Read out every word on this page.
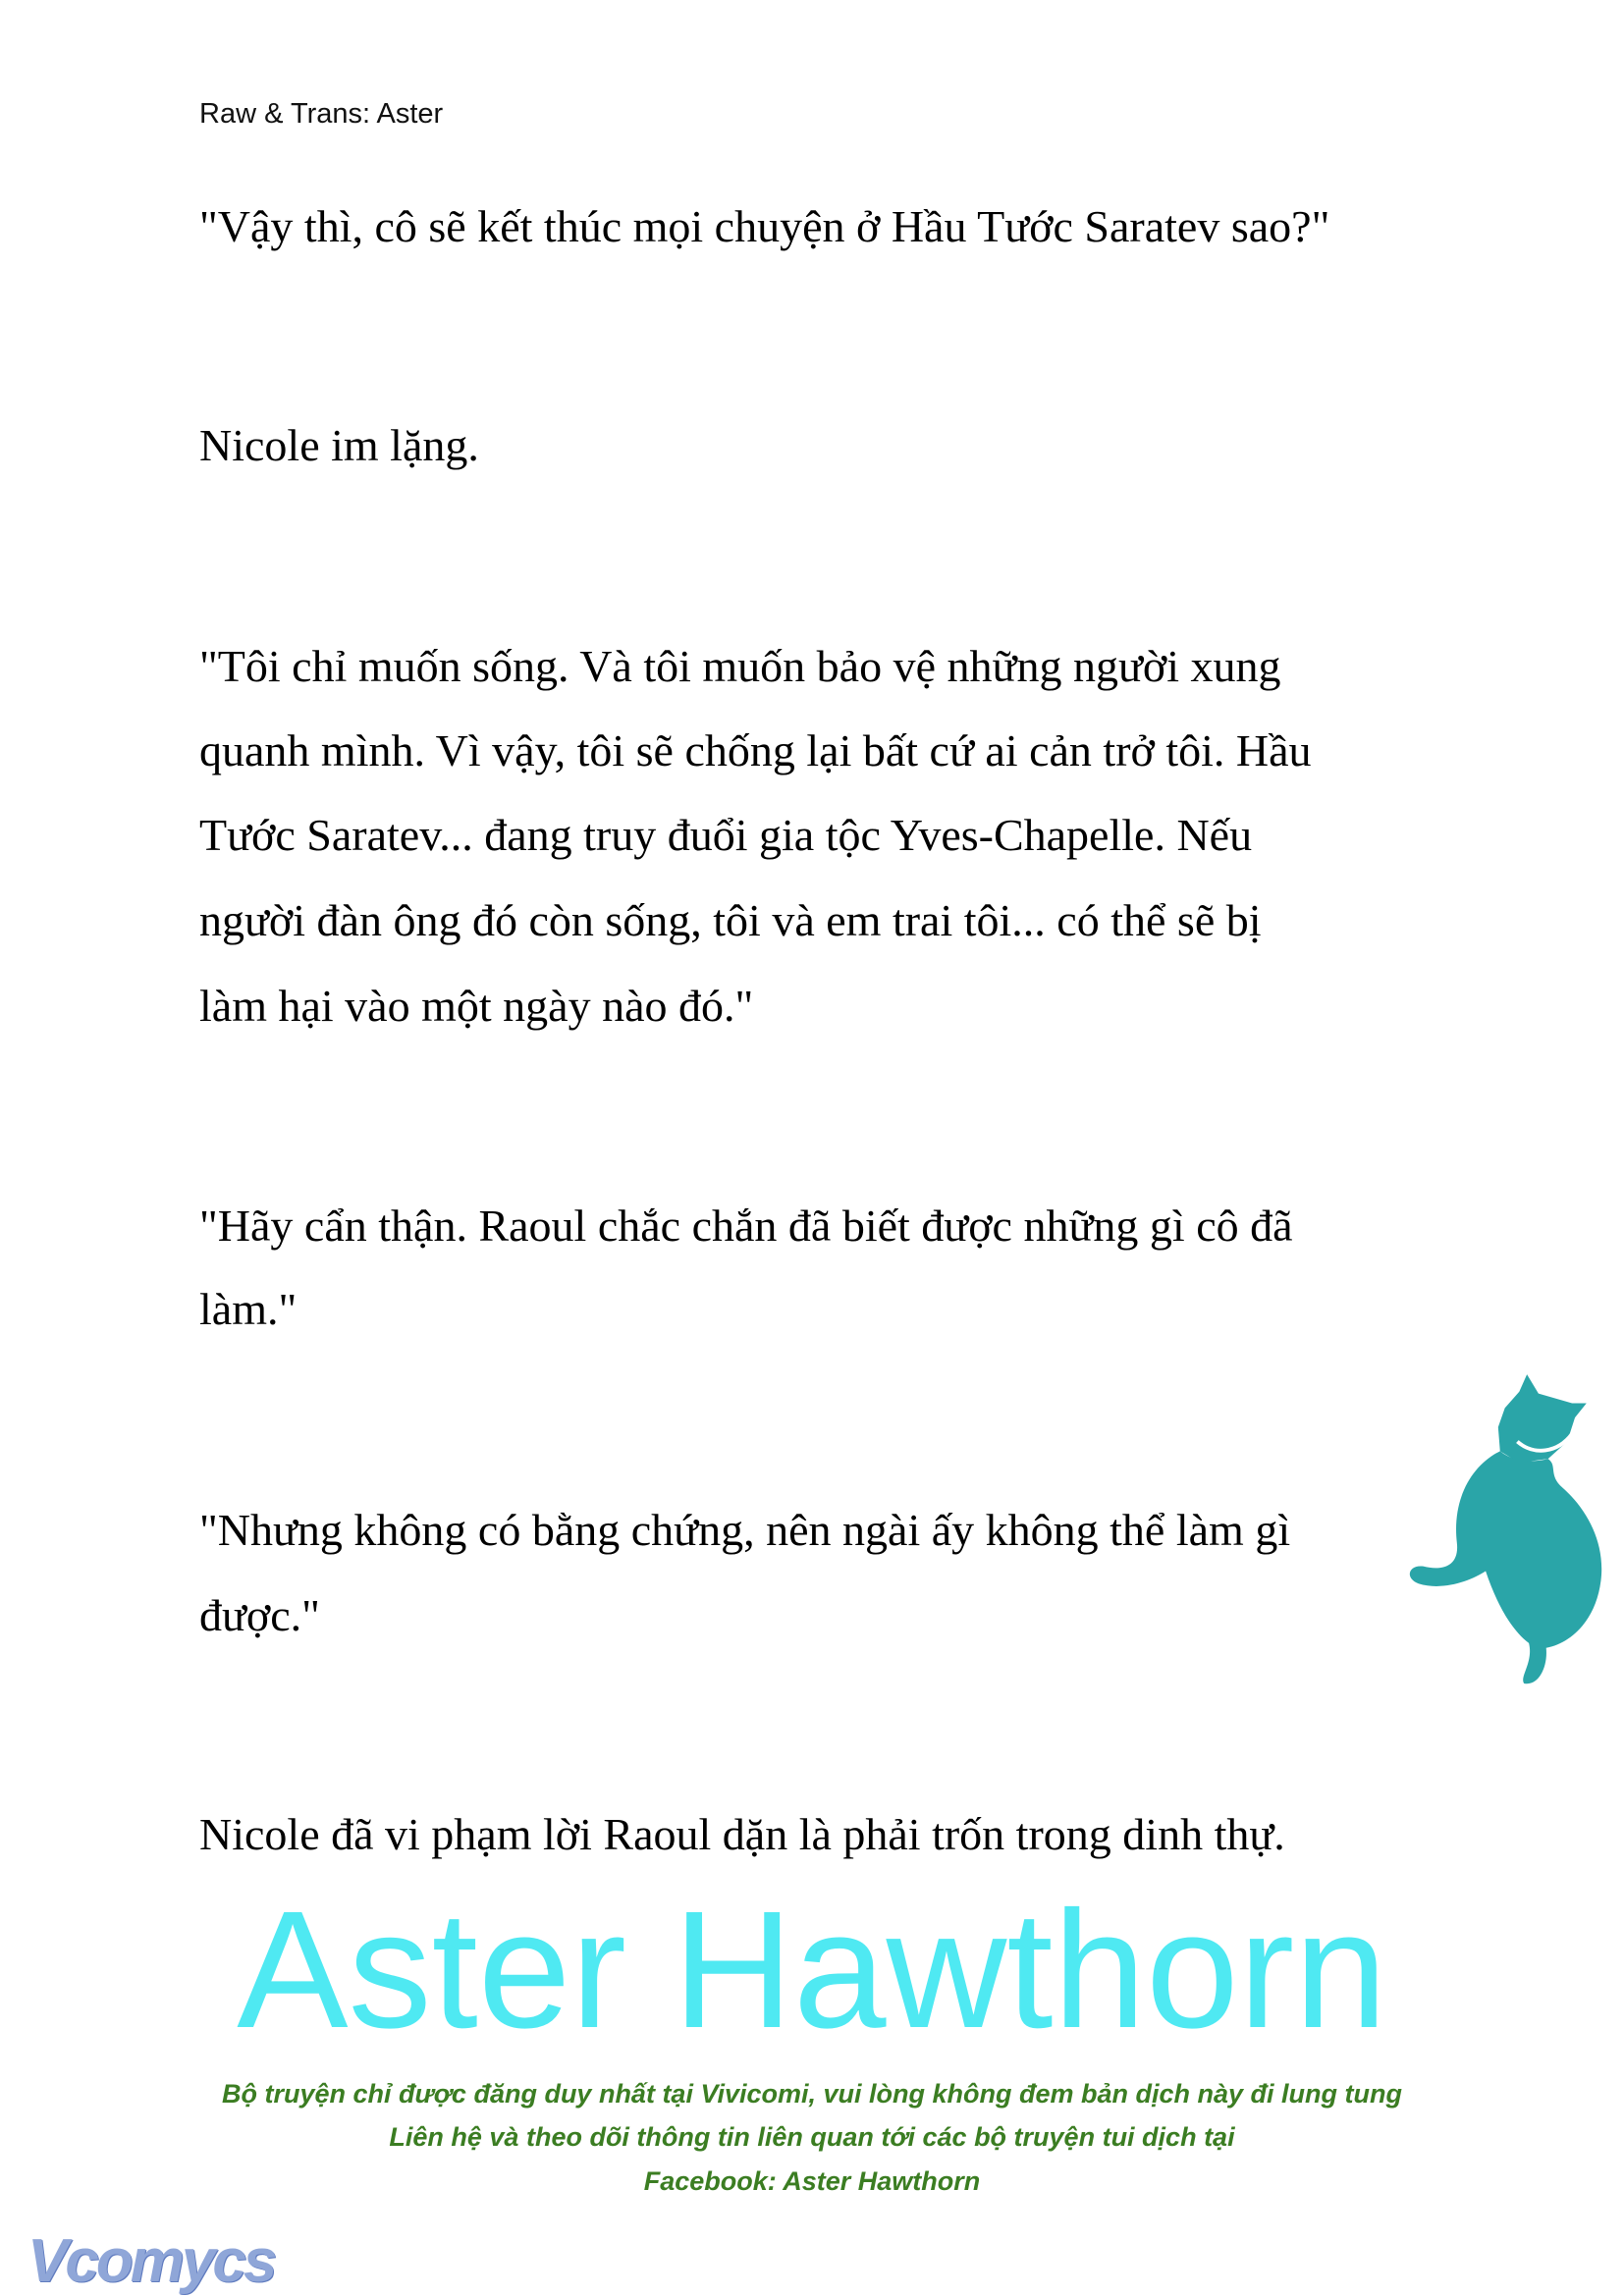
Raw & Trans: Aster
"Vậy thì, cô sẽ kết thúc mọi chuyện ở Hầu Tước Saratev sao?"
Nicole im lặng.
"Tôi chỉ muốn sống. Và tôi muốn bảo vệ những người xung
quanh mình. Vì vậy, tôi sẽ chống lại bất cứ ai cản trở tôi. Hầu
Tước Saratev... đang truy đuổi gia tộc Yves-Chapelle. Nếu
người đàn ông đó còn sống, tôi và em trai tôi... có thể sẽ bị
làm hại vào một ngày nào đó."
"Hãy cẩn thận. Raoul chắc chắn đã biết được những gì cô đã
làm."
"Nhưng không có bằng chứng, nên ngài ấy không thể làm gì
được."
Nicole đã vi phạm lời Raoul dặn là phải trốn trong dinh thự.
Aster Hawthorn
Bộ truyện chỉ được đăng duy nhất tại Vivicomi, vui lòng không đem bản dịch này đi lung tung
Liên hệ và theo dõi thông tin liên quan tới các bộ truyện tui dịch tại
Facebook: Aster Hawthorn
Vcomycs
